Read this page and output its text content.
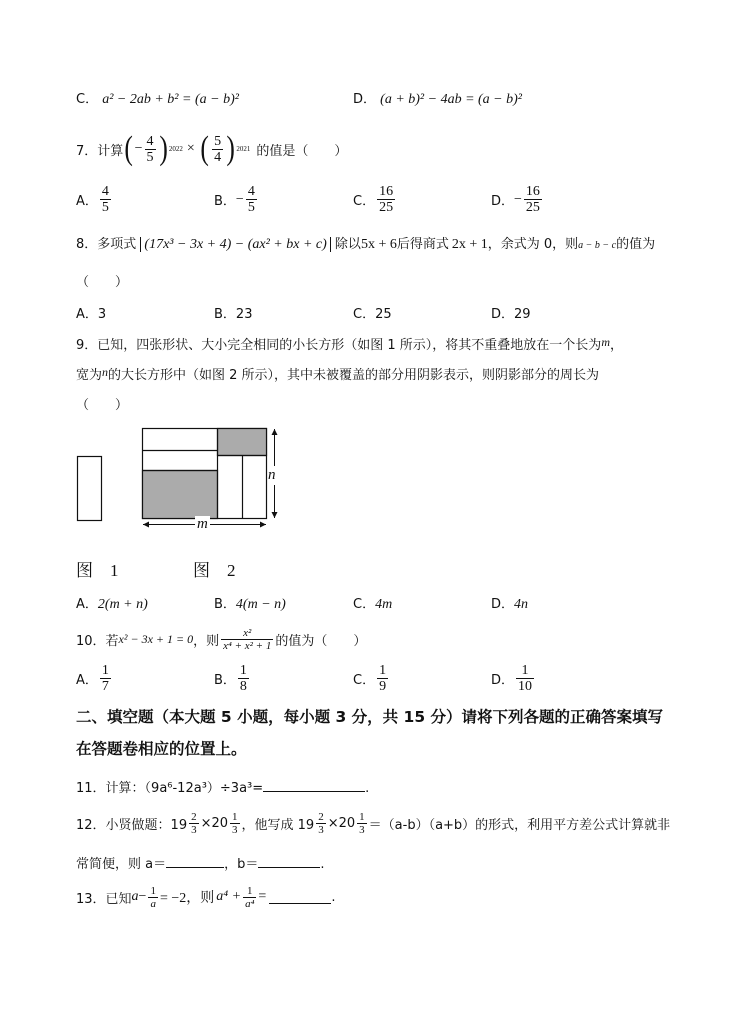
C． a² − 2ab + b² = (a − b)²	D． (a + b)² − 4ab = (a − b)²
7．计算 ( − $\frac{4}{5}$ ) 2022 × ( $\frac{5}{4}$ ) 2021 的值是（　　）
A． $\frac{4}{5}$	B． − $\frac{4}{5}$	C． $\frac{16}{25}$	D． − $\frac{16}{25}$
8．多项式 (17x³ − 3x + 4) − (ax² + bx + c) 除以5x + 6后得商式 2x + 1，余式为 0，则a − b − c的值为
（　　）
A．3	B．23	C．25	D．29
9．已知，四张形状、大小完全相同的小长方形（如图 1 所示），将其不重叠地放在一个长为m，
宽为n的大长方形中（如图 2 所示），其中未被覆盖的部分用阴影表示，则阴影部分的周长为
（　　）
m
n
图　1	图　2
A．2(m + n)	B．4(m − n)	C．4m	D．4n
10．若 x² − 3x + 1 = 0 ，则 $\frac{\text{x²}}{\text{x⁴ + x² + 1}}$ 的值为（　　）
A． $\frac{1}{7}$	B． $\frac{1}{8}$	C． $\frac{1}{9}$	D． $\frac{1}{10}$
二、填空题（本大题 5 小题，每小题 3 分，共 15 分）请将下列各题的正确答案填写
在答题卷相应的位置上。
11．计算：（9a⁶-12a³）÷3a³=	.
12．小贤做题：$19 \frac{2}{3} \times 20 \frac{1}{3}$ ，他写成 $19 \frac{2}{3} \times 20 \frac{1}{3} =(a-b)(a+b)$的形式，利用平方差公式计算就非
常简便，则 a＝	，b＝	.
13．已知 $a - \frac{1}{a} = -2$，则 $a^4 + \frac{1}{\text{a⁴}}$ =	.
